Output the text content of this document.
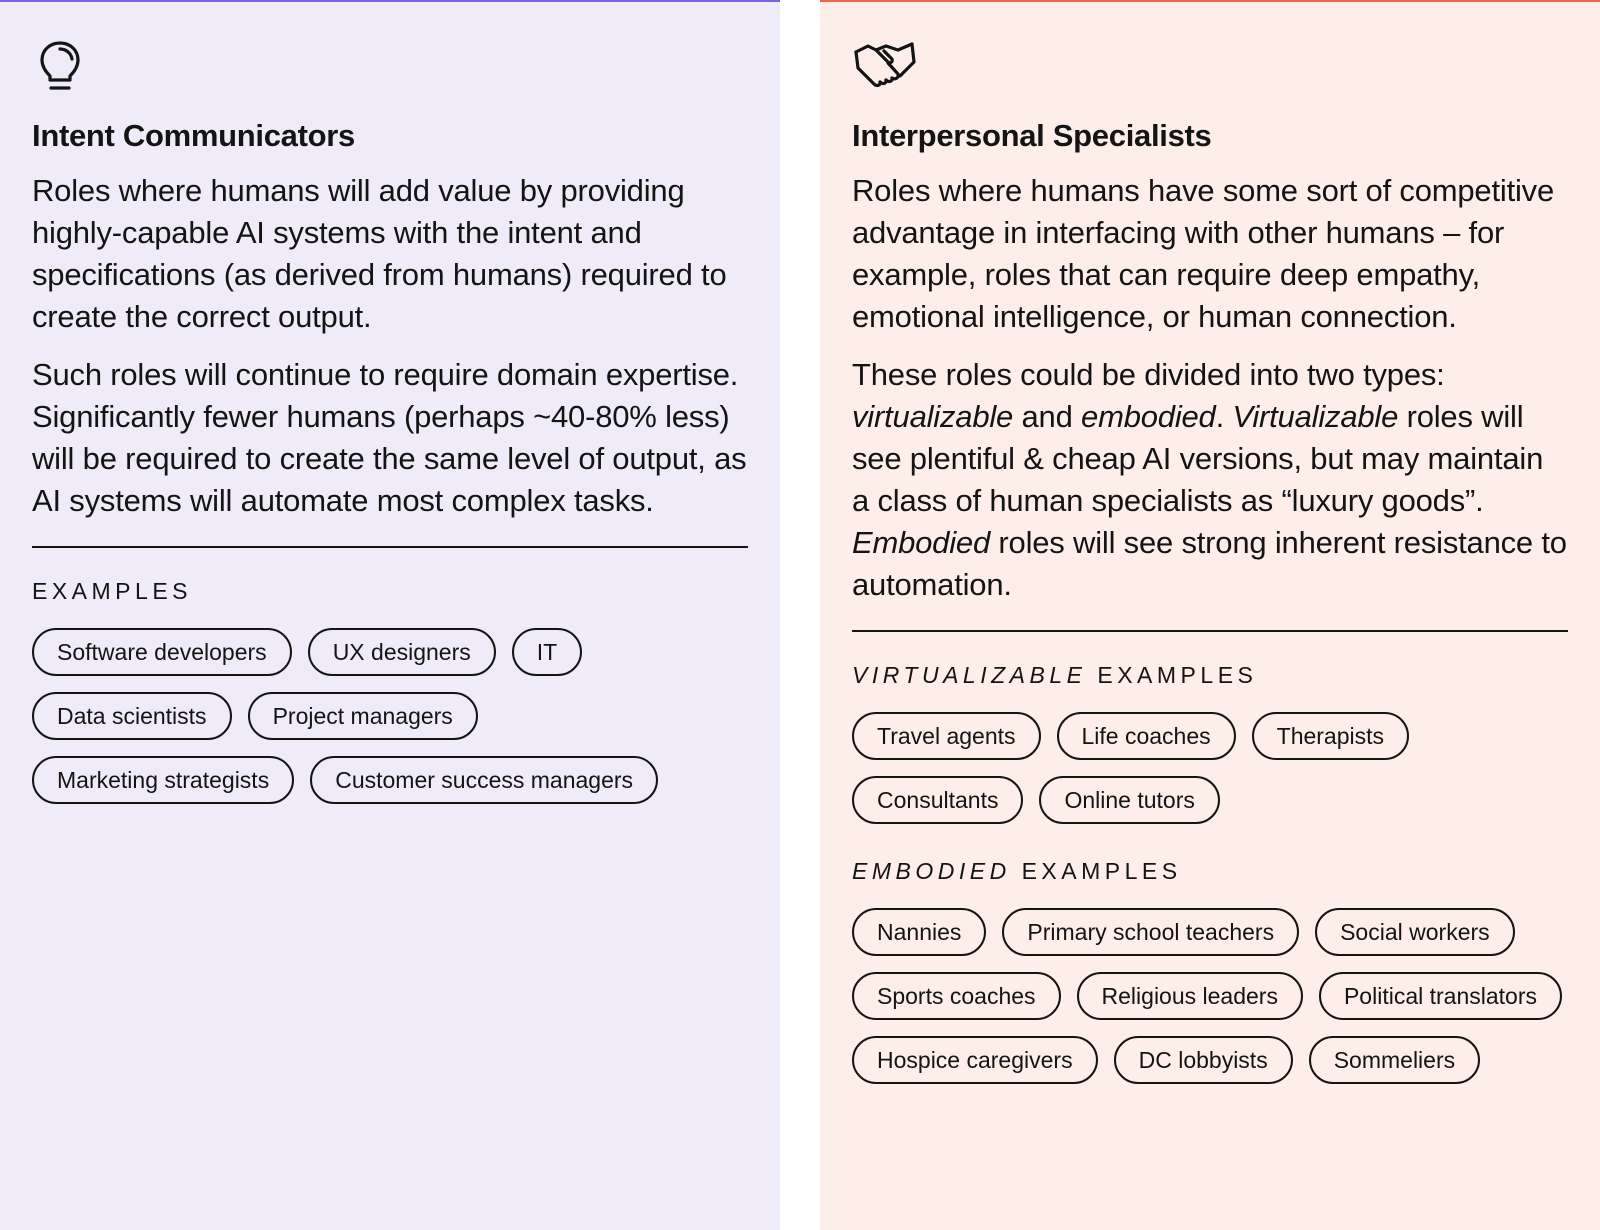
Intent Communicators

Roles where humans will add value by providing highly-capable AI systems with the intent and specifications (as derived from humans) required to create the correct output.

Such roles will continue to require domain expertise. Significantly fewer humans (perhaps ~40-80% less) will be required to create the same level of output, as AI systems will automate most complex tasks.

EXAMPLES
Software developers	UX designers	IT
Data scientists	Project managers
Marketing strategists	Customer success managers
Interpersonal Specialists

Roles where humans have some sort of competitive advantage in interfacing with other humans – for example, roles that can require deep empathy, emotional intelligence, or human connection.

These roles could be divided into two types: virtualizable and embodied. Virtualizable roles will see plentiful & cheap AI versions, but may maintain a class of human specialists as “luxury goods”. Embodied roles will see strong inherent resistance to automation.

VIRTUALIZABLE EXAMPLES
Travel agents	Life coaches	Therapists
Consultants	Online tutors
EMBODIED EXAMPLES
Nannies	Primary school teachers	Social workers
Sports coaches	Religious leaders	Political translators
Hospice caregivers	DC lobbyists	Sommeliers
